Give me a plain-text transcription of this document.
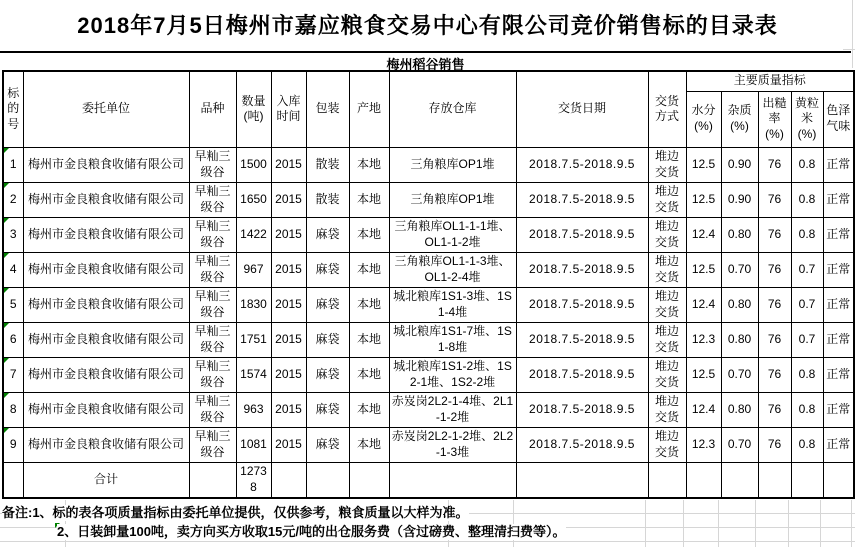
2018年7月5日梅州市嘉应粮食交易中心有限公司竞价销售标的目录表
梅州稻谷销售
标的号	委托单位	品种	数量(吨)	入库时间	包装	产地	存放仓库	交货日期	交货方式	主要质量指标				
										水分(%)	杂质(%)	出糙率(%)	黄粒米(%)	色泽气味

1	梅州市金良粮食收储有限公司	早籼三级谷	1500	2015	散装	本地	三角粮库OP1堆	2018.7.5-2018.9.5	堆边交货	12.5	0.90	76	0.8	正常

2	梅州市金良粮食收储有限公司	早籼三级谷	1650	2015	散装	本地	三角粮库OP1堆	2018.7.5-2018.9.5	堆边交货	12.5	0.90	76	0.8	正常

3	梅州市金良粮食收储有限公司	早籼三级谷	1422	2015	麻袋	本地	三角粮库OL1-1-1堆、OL1-1-2堆	2018.7.5-2018.9.5	堆边交货	12.4	0.80	76	0.8	正常

4	梅州市金良粮食收储有限公司	早籼三级谷	967	2015	麻袋	本地	三角粮库OL1-1-3堆、OL1-2-4堆	2018.7.5-2018.9.5	堆边交货	12.5	0.70	76	0.7	正常

5	梅州市金良粮食收储有限公司	早籼三级谷	1830	2015	麻袋	本地	城北粮库1S1-3堆、1S1-4堆	2018.7.5-2018.9.5	堆边交货	12.4	0.80	76	0.7	正常

6	梅州市金良粮食收储有限公司	早籼三级谷	1751	2015	麻袋	本地	城北粮库1S1-7堆、1S1-8堆	2018.7.5-2018.9.5	堆边交货	12.3	0.80	76	0.7	正常

7	梅州市金良粮食收储有限公司	早籼三级谷	1574	2015	麻袋	本地	城北粮库1S1-2堆、1S2-1堆、1S2-2堆	2018.7.5-2018.9.5	堆边交货	12.5	0.70	76	0.8	正常

8	梅州市金良粮食收储有限公司	早籼三级谷	963	2015	麻袋	本地	赤岌岗2L2-1-4堆、2L1-1-2堆	2018.7.5-2018.9.5	堆边交货	12.4	0.80	76	0.8	正常

9	梅州市金良粮食收储有限公司	早籼三级谷	1081	2015	麻袋	本地	赤岌岗2L2-1-2堆、2L2-1-3堆	2018.7.5-2018.9.5	堆边交货	12.3	0.70	76	0.8	正常
	合计		12738											
备注:1、标的表各项质量指标由委托单位提供，仅供参考，粮食质量以大样为准。
2、日装卸量100吨，卖方向买方收取15元/吨的出仓服务费（含过磅费、整理清扫费等）。
